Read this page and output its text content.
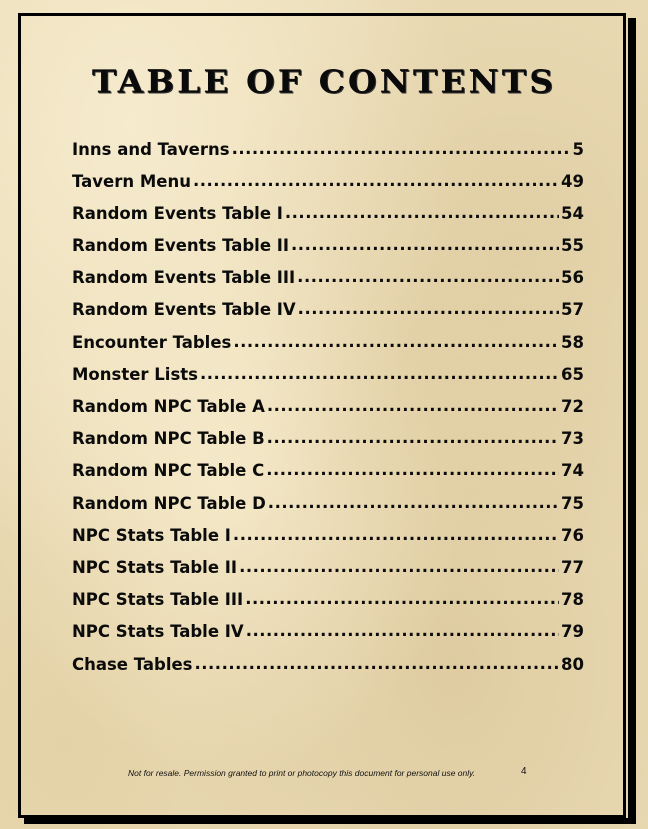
TABLE OF CONTENTS
Inns and Taverns .....	5
Tavern Menu .....	49
Random Events Table I .....	54
Random Events Table II .....	55
Random Events Table III .....	56
Random Events Table IV .....	57
Encounter Tables .....	58
Monster Lists .....	65
Random NPC Table A .....	72
Random NPC Table B .....	73
Random NPC Table C .....	74
Random NPC Table D .....	75
NPC Stats Table I .....	76
NPC Stats Table II .....	77
NPC Stats Table III .....	78
NPC Stats Table IV .....	79
Chase Tables .....	80
Not for resale. Permission granted to print or photocopy this document for personal use only.	4
